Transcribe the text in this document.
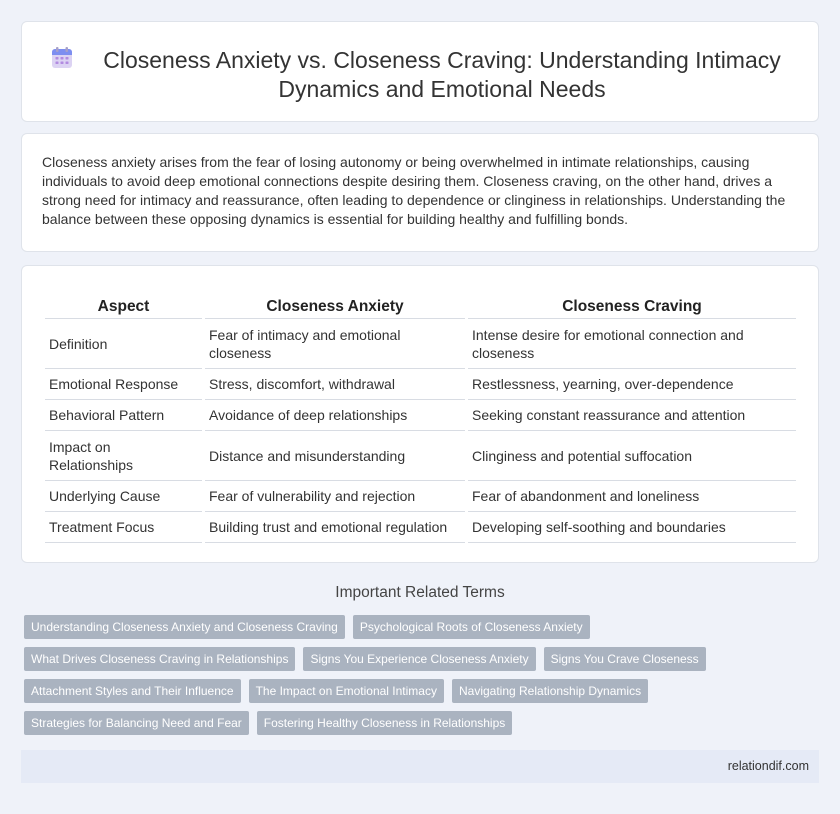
Closeness Anxiety vs. Closeness Craving: Understanding Intimacy Dynamics and Emotional Needs

Closeness anxiety arises from the fear of losing autonomy or being overwhelmed in intimate relationships, causing individuals to avoid deep emotional connections despite desiring them. Closeness craving, on the other hand, drives a strong need for intimacy and reassurance, often leading to dependence or clinginess in relationships. Understanding the balance between these opposing dynamics is essential for building healthy and fulfilling bonds.

Aspect	Closeness Anxiety	Closeness Craving
Definition	Fear of intimacy and emotional closeness	Intense desire for emotional connection and closeness
Emotional Response	Stress, discomfort, withdrawal	Restlessness, yearning, over-dependence
Behavioral Pattern	Avoidance of deep relationships	Seeking constant reassurance and attention
Impact on Relationships	Distance and misunderstanding	Clinginess and potential suffocation
Underlying Cause	Fear of vulnerability and rejection	Fear of abandonment and loneliness
Treatment Focus	Building trust and emotional regulation	Developing self-soothing and boundaries
Important Related Terms
Understanding Closeness Anxiety and Closeness Craving	Psychological Roots of Closeness Anxiety
What Drives Closeness Craving in Relationships	Signs You Experience Closeness Anxiety	Signs You Crave Closeness
Attachment Styles and Their Influence	The Impact on Emotional Intimacy	Navigating Relationship Dynamics
Strategies for Balancing Need and Fear	Fostering Healthy Closeness in Relationships
relationdif.com
